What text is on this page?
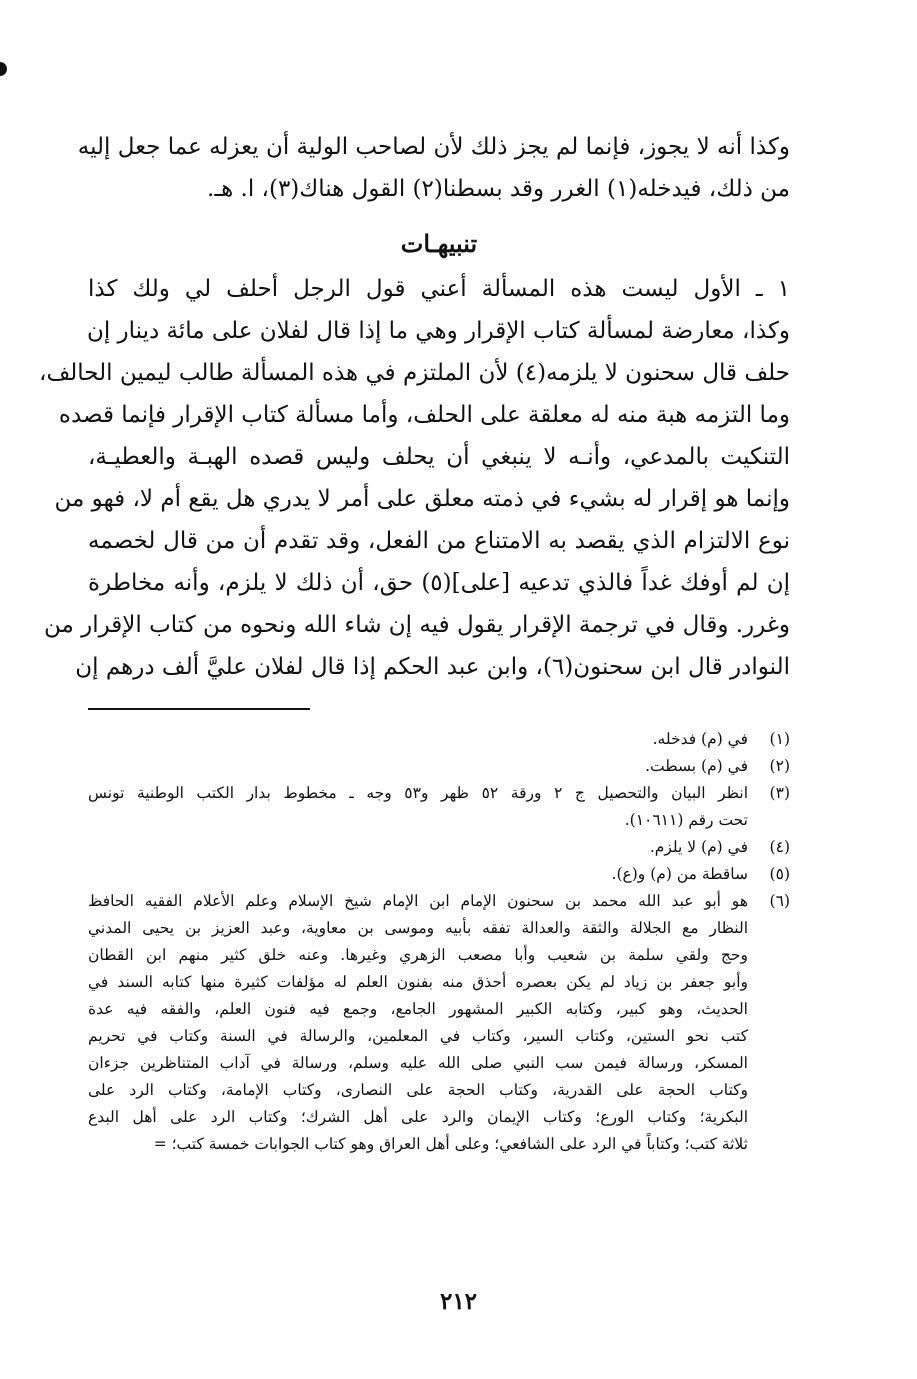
وكذا أنه لا يجوز، فإنما لم يجز ذلك لأن لصاحب الولية أن يعزله عما جعل إليه
من ذلك، فيدخله(١) الغرر وقد بسطنا(٢) القول هناك(٣)، ا. هـ.
تنبيهـات
١ ـ الأول ليست هذه المسألة أعني قول الرجل أحلف لي ولك كذا
وكذا، معارضة لمسألة كتاب الإقرار وهي ما إذا قال لفلان على مائة دينار إن
حلف قال سحنون لا يلزمه(٤) لأن الملتزم في هذه المسألة طالب ليمين الحالف،
وما التزمه هبة منه له معلقة على الحلف، وأما مسألة كتاب الإقرار فإنما قصده
التنكيت بالمدعي، وأنـه لا ينبغي أن يحلف وليس قصده الهبـة والعطيـة،
وإنما هو إقرار له بشيء في ذمته معلق على أمر لا يدري هل يقع أم لا، فهو من
نوع الالتزام الذي يقصد به الامتناع من الفعل، وقد تقدم أن من قال لخصمه
إن لم أوفك غداً فالذي تدعيه [على](٥) حق، أن ذلك لا يلزم، وأنه مخاطرة
وغرر. وقال في ترجمة الإقرار يقول فيه إن شاء الله ونحوه من كتاب الإقرار من
النوادر قال ابن سحنون(٦)، وابن عبد الحكم إذا قال لفلان عليَّ ألف درهم إن
(١)
في (م) فدخله.
(٢)
في (م) بسطت.
(٣)
انظر البيان والتحصيل ج ٢ ورقة ٥٢ ظهر و٥٣ وجه ـ مخطوط بدار الكتب الوطنية تونس
تحت رقم (١٠٦١١).
(٤)
في (م) لا يلزم.
(٥)
ساقطة من (م) و(ع).
(٦)
هو أبو عبد الله محمد بن سحنون الإمام ابن الإمام شيخ الإسلام وعلم الأعلام الفقيه الحافظ
النظار مع الجلالة والثقة والعدالة تفقه بأبيه وموسى بن معاوية، وعبد العزيز بن يحيى المدني
وحج ولقي سلمة بن شعيب وأبا مصعب الزهري وغيرها. وعنه خلق كثير منهم ابن القطان
وأبو جعفر بن زياد لم يكن بعصره أحذق منه بفنون العلم له مؤلفات كثيرة منها كتابه السند في
الحديث، وهو كبير، وكتابه الكبير المشهور الجامع، وجمع فيه فنون العلم، والفقه فيه عدة
كتب نحو الستين، وكتاب السير، وكتاب في المعلمين، والرسالة في السنة وكتاب في تحريم
المسكر، ورسالة فيمن سب النبي صلى الله عليه وسلم، ورسالة في آداب المتناظرين جزءان
وكتاب الحجة على القدرية، وكتاب الحجة على النصارى، وكتاب الإمامة، وكتاب الرد على
البكرية؛ وكتاب الورع؛ وكتاب الإيمان والرد على أهل الشرك؛ وكتاب الرد على أهل البدع
ثلاثة كتب؛ وكتاباً في الرد على الشافعي؛ وعلى أهل العراق وهو كتاب الجوابات خمسة كتب؛ =
٢١٢
